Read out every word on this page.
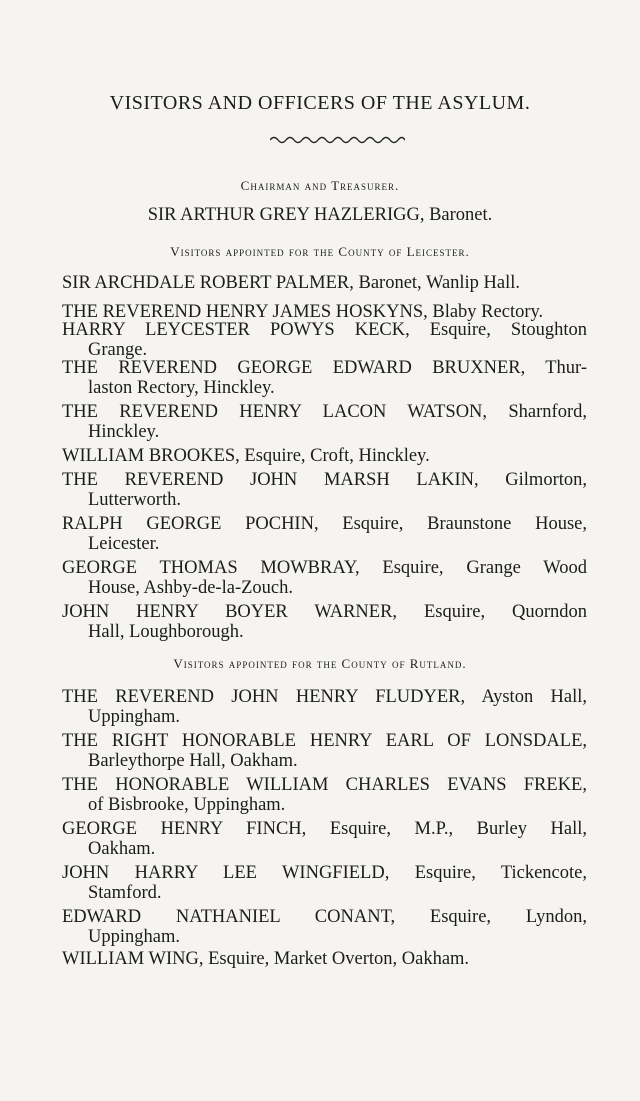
VISITORS AND OFFICERS OF THE ASYLUM.
Chairman and Treasurer.
SIR ARTHUR GREY HAZLERIGG, Baronet.
Visitors appointed for the County of Leicester.
SIR ARCHDALE ROBERT PALMER, Baronet, Wanlip Hall.
THE REVEREND HENRY JAMES HOSKYNS, Blaby Rectory.
HARRY LEYCESTER POWYS KECK, Esquire, Stoughton
Grange.
THE REVEREND GEORGE EDWARD BRUXNER, Thur-
laston Rectory, Hinckley.
THE REVEREND HENRY LACON WATSON, Sharnford,
Hinckley.
WILLIAM BROOKES, Esquire, Croft, Hinckley.
THE REVEREND JOHN MARSH LAKIN, Gilmorton,
Lutterworth.
RALPH GEORGE POCHIN, Esquire, Braunstone House,
Leicester.
GEORGE THOMAS MOWBRAY, Esquire, Grange Wood
House, Ashby-de-la-Zouch.
JOHN HENRY BOYER WARNER, Esquire, Quorndon
Hall, Loughborough.
Visitors appointed for the County of Rutland.
THE REVEREND JOHN HENRY FLUDYER, Ayston Hall,
Uppingham.
THE RIGHT HONORABLE HENRY EARL OF LONSDALE,
Barleythorpe Hall, Oakham.
THE HONORABLE WILLIAM CHARLES EVANS FREKE,
of Bisbrooke, Uppingham.
GEORGE HENRY FINCH, Esquire, M.P., Burley Hall,
Oakham.
JOHN HARRY LEE WINGFIELD, Esquire, Tickencote,
Stamford.
EDWARD NATHANIEL CONANT, Esquire, Lyndon,
Uppingham.
WILLIAM WING, Esquire, Market Overton, Oakham.
